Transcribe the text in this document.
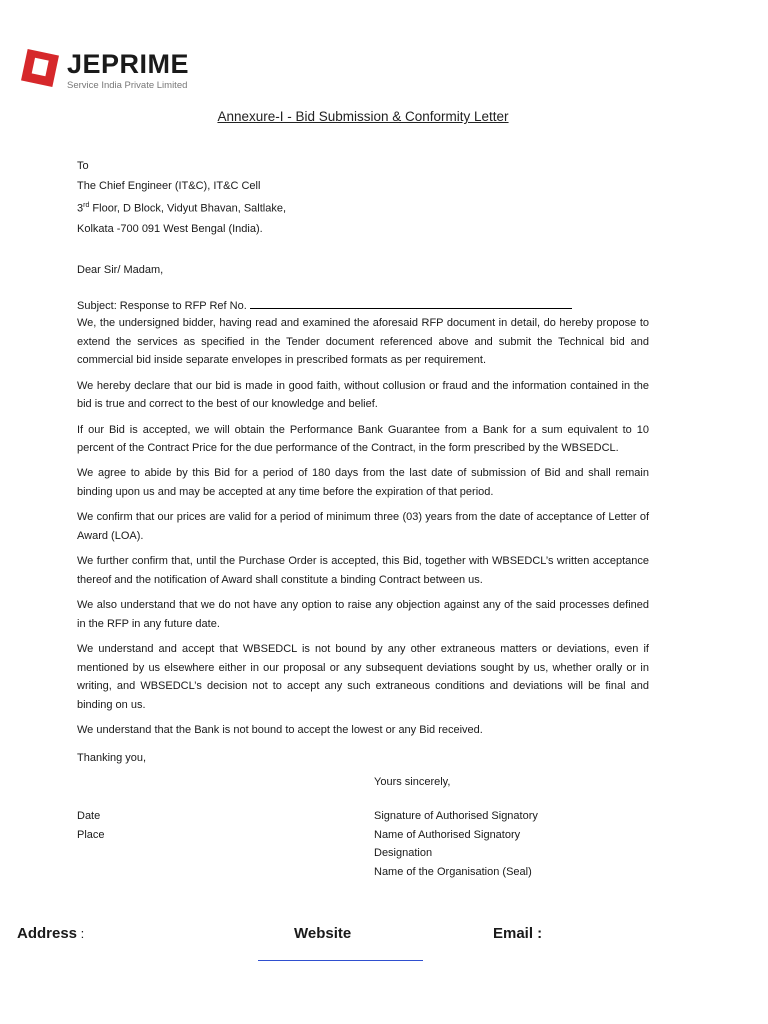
JEPRIME
Service India Private Limited
Annexure-I - Bid Submission & Conformity Letter
To
The Chief Engineer (IT&C), IT&C Cell
3rd Floor, D Block, Vidyut Bhavan, Saltlake,
Kolkata -700 091 West Bengal (India).
Dear Sir/ Madam,
Subject: Response to RFP Ref No.

We, the undersigned bidder, having read and examined the aforesaid RFP document in detail, do hereby propose to extend the services as specified in the Tender document referenced above and submit the Technical bid and commercial bid inside separate envelopes in prescribed formats as per requirement.

We hereby declare that our bid is made in good faith, without collusion or fraud and the information contained in the bid is true and correct to the best of our knowledge and belief.

If our Bid is accepted, we will obtain the Performance Bank Guarantee from a Bank for a sum equivalent to 10 percent of the Contract Price for the due performance of the Contract, in the form prescribed by the WBSEDCL.

We agree to abide by this Bid for a period of 180 days from the last date of submission of Bid and shall remain binding upon us and may be accepted at any time before the expiration of that period.

We confirm that our prices are valid for a period of minimum three (03) years from the date of acceptance of Letter of Award (LOA).

We further confirm that, until the Purchase Order is accepted, this Bid, together with WBSEDCL’s written acceptance thereof and the notification of Award shall constitute a binding Contract between us.

We also understand that we do not have any option to raise any objection against any of the said processes defined in the RFP in any future date.

We understand and accept that WBSEDCL is not bound by any other extraneous matters or deviations, even if mentioned by us elsewhere either in our proposal or any subsequent deviations sought by us, whether orally or in writing, and WBSEDCL’s decision not to accept any such extraneous conditions and deviations will be final and binding on us.

We understand that the Bank is not bound to accept the lowest or any Bid received.

Thanking you,
Yours sincerely,
Date
Place
Signature of Authorised Signatory
Name of Authorised Signatory
Designation
Name of the Organisation (Seal)
Address :	Website	Email :
